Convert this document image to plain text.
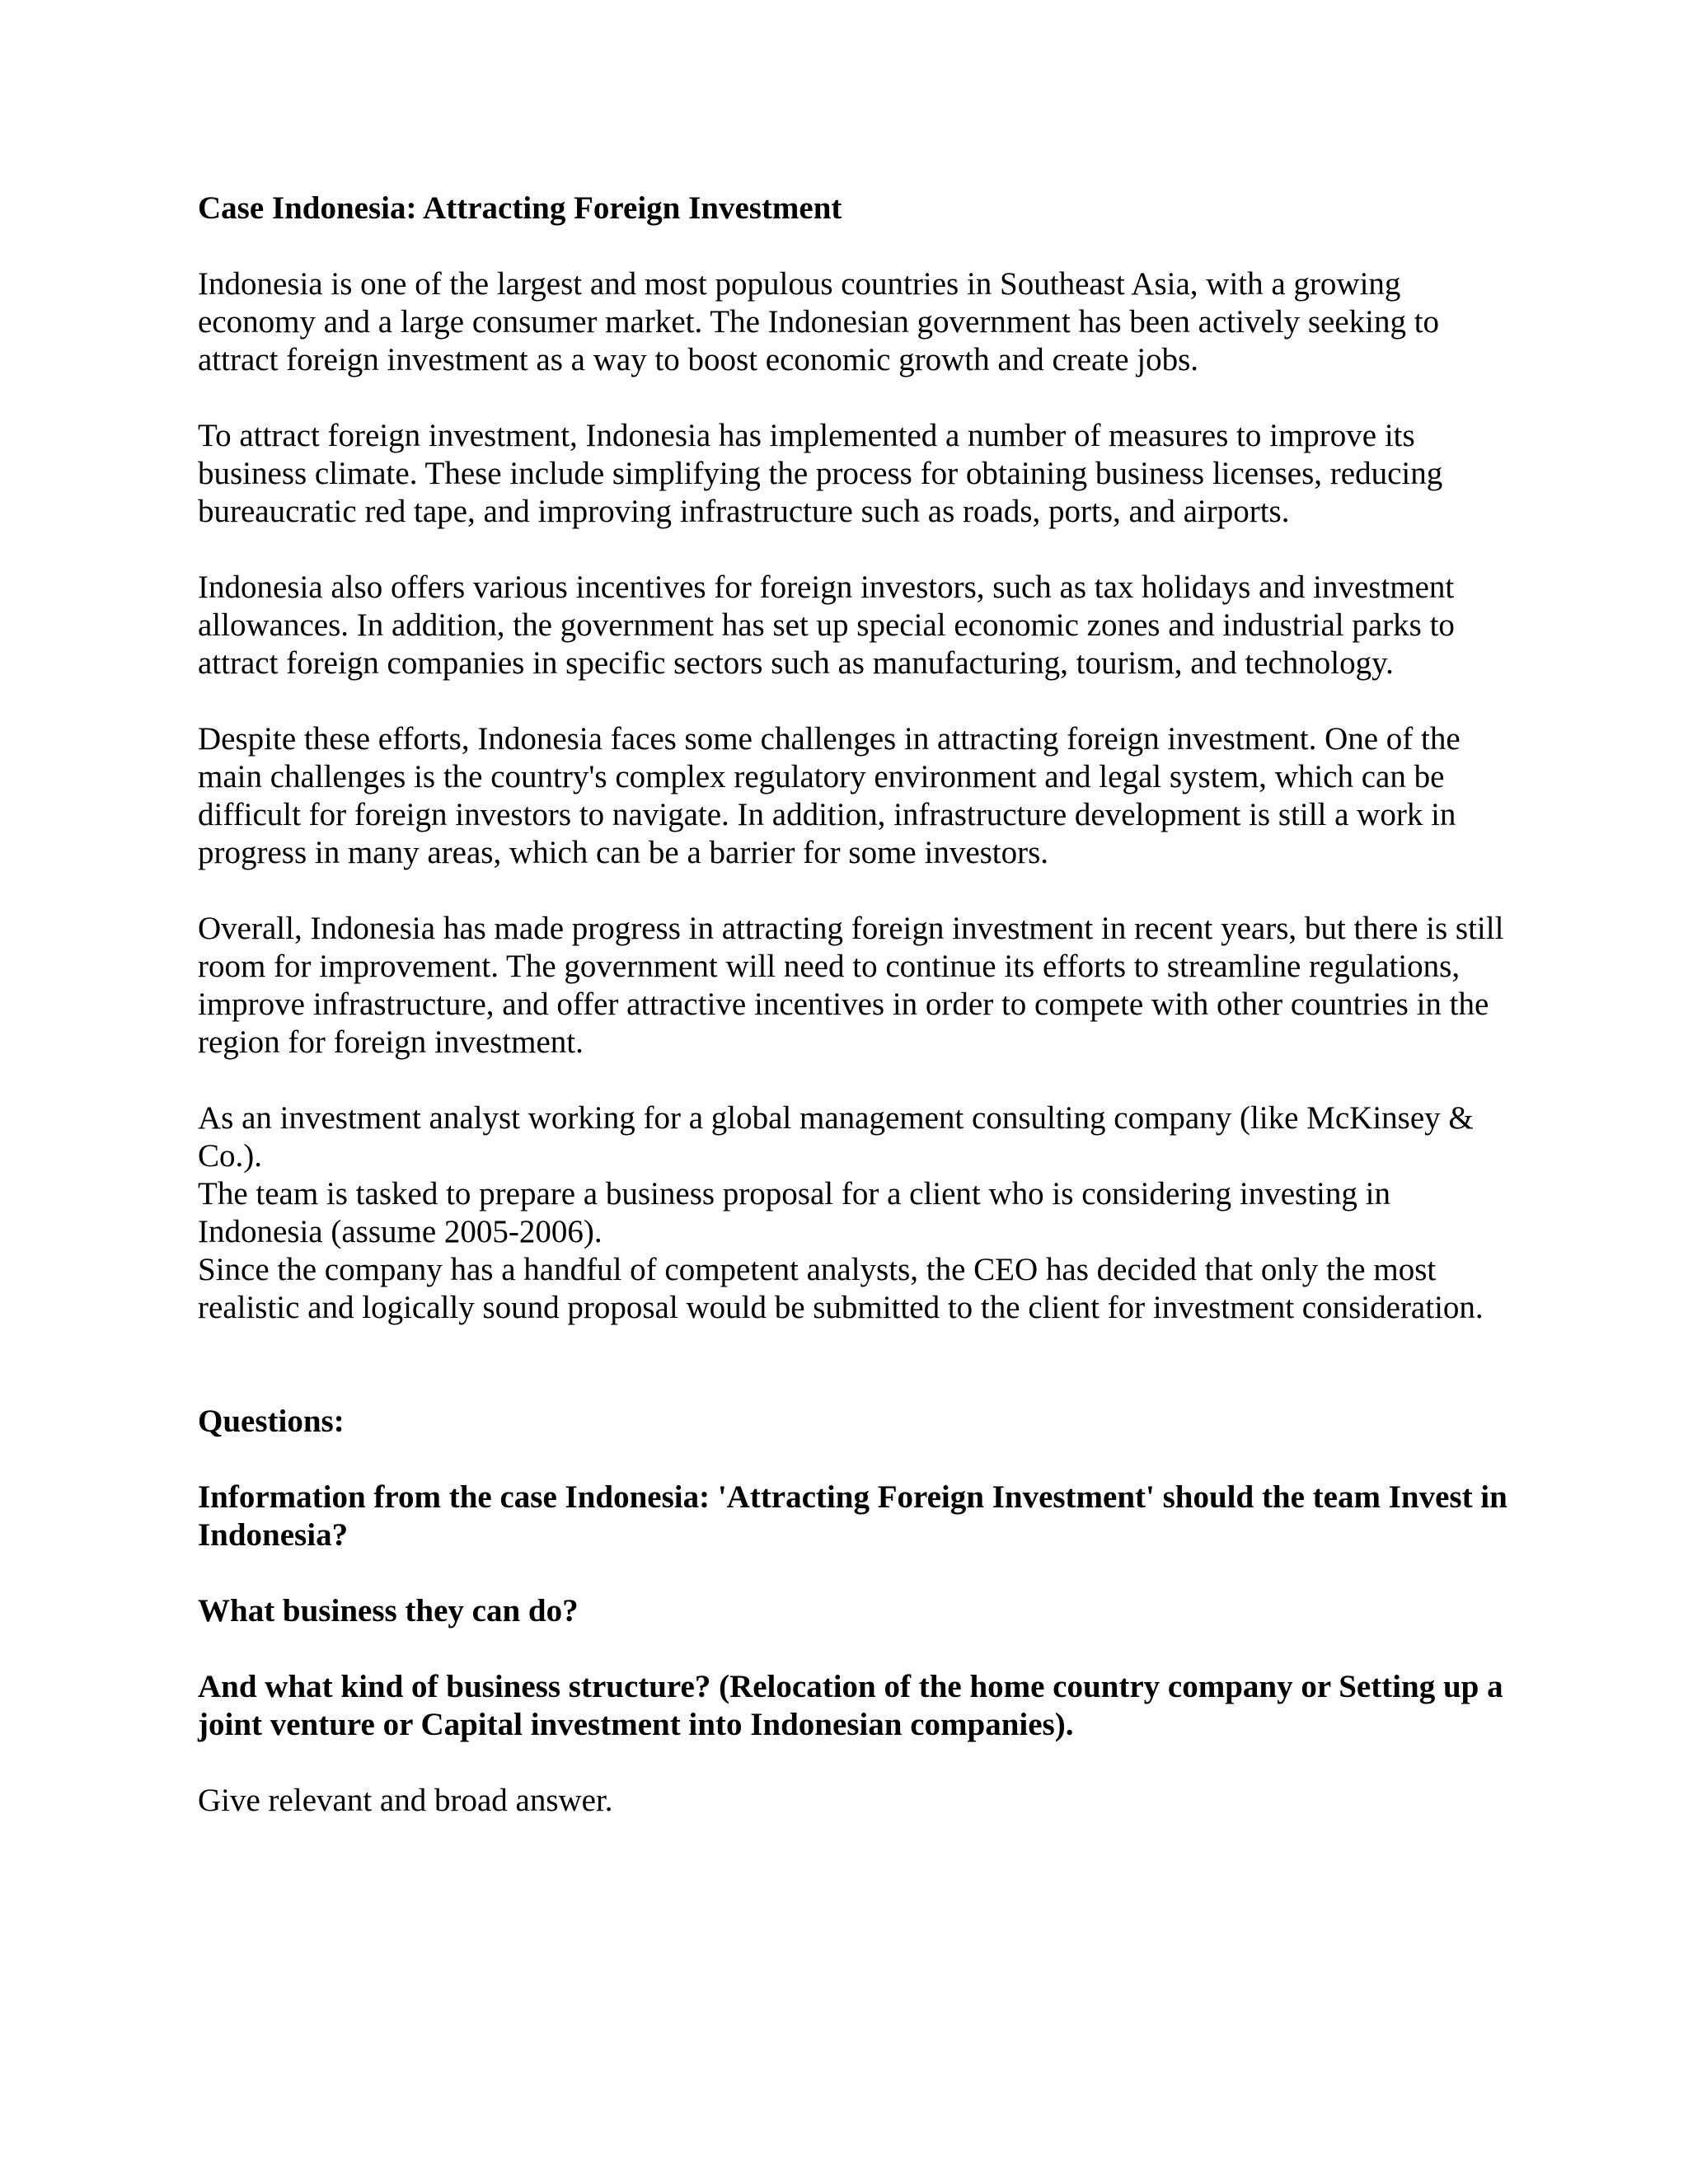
Case Indonesia: Attracting Foreign Investment

Indonesia is one of the largest and most populous countries in Southeast Asia, with a growing economy and a large consumer market. The Indonesian government has been actively seeking to attract foreign investment as a way to boost economic growth and create jobs.

To attract foreign investment, Indonesia has implemented a number of measures to improve its business climate. These include simplifying the process for obtaining business licenses, reducing bureaucratic red tape, and improving infrastructure such as roads, ports, and airports.

Indonesia also offers various incentives for foreign investors, such as tax holidays and investment allowances. In addition, the government has set up special economic zones and industrial parks to attract foreign companies in specific sectors such as manufacturing, tourism, and technology.

Despite these efforts, Indonesia faces some challenges in attracting foreign investment. One of the main challenges is the country's complex regulatory environment and legal system, which can be difficult for foreign investors to navigate. In addition, infrastructure development is still a work in progress in many areas, which can be a barrier for some investors.

Overall, Indonesia has made progress in attracting foreign investment in recent years, but there is still room for improvement. The government will need to continue its efforts to streamline regulations, improve infrastructure, and offer attractive incentives in order to compete with other countries in the region for foreign investment.

As an investment analyst working for a global management consulting company (like McKinsey & Co.).
The team is tasked to prepare a business proposal for a client who is considering investing in Indonesia (assume 2005-2006).
Since the company has a handful of competent analysts, the CEO has decided that only the most realistic and logically sound proposal would be submitted to the client for investment consideration.

Questions:

Information from the case Indonesia: 'Attracting Foreign Investment' should the team Invest in Indonesia?

What business they can do?

And what kind of business structure? (Relocation of the home country company or Setting up a joint venture or Capital investment into Indonesian companies).

Give relevant and broad answer.
